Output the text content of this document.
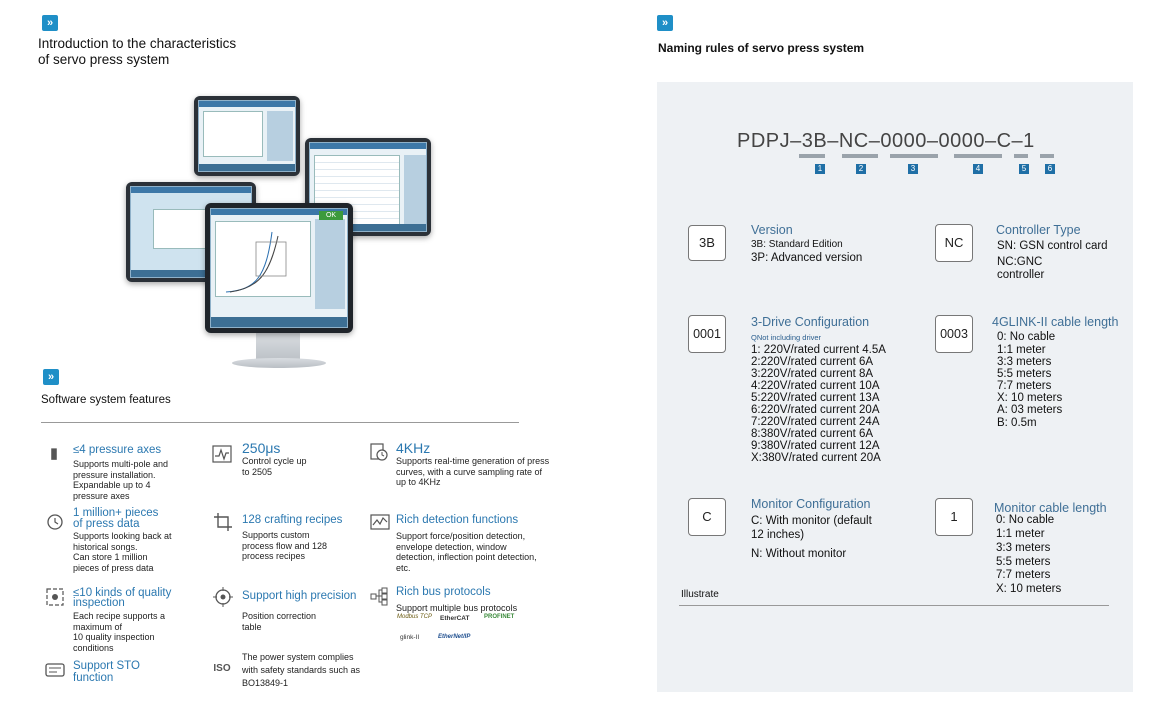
»
Introduction to the characteristics
of servo press system
OK
»
Software system features
▮	≤4 pressure axes
Supports multi-pole and
pressure installation.
Expandable up to 4
pressure axes
250μs
Control cycle up
to 2505
4KHz
Supports real-time generation of press
curves, with a curve sampling rate of
up to 4KHz
1 million+ pieces
of press data
Supports looking back at
historical songs.
Can store 1 million
pieces of press data
128 crafting recipes
Supports custom
process flow and 128
process recipes
Rich detection functions
Support force/position detection,
envelope detection, window
detection, inflection point detection,
etc.
≤10 kinds of quality
inspection
Each recipe supports a
maximum of
10 quality inspection
conditions
Support high precision
Position correction
table
Rich bus protocols
Support multiple bus protocols
Modbus TCP EtherCAT PROFINET
glink-II	EtherNet/IP
Support STO
function
ISO
The power system complies
with safety standards such as
BO13849-1
»
Naming rules of servo press system
PDPJ–3B–NC–0000–0000–C–1
1	2	3	4	5	6
3B
Version
3B: Standard Edition
3P: Advanced version
NC
Controller Type
SN: GSN control card
NC:GNC
controller
0001
3-Drive Configuration
QNot including driver
1: 220V/rated current 4.5A
2:220V/rated current 6A
3:220V/rated current 8A
4:220V/rated current 10A
5:220V/rated current 13A
6:220V/rated current 20A
7:220V/rated current 24A
8:380V/rated current 6A
9:380V/rated current 12A
X:380V/rated current 20A
0003
4GLINK-II cable length
0: No cable
1:1 meter
3:3 meters
5:5 meters
7:7 meters
X: 10 meters
A: 03 meters
B: 0.5m
C
Monitor Configuration
C: With monitor (default
12 inches)
N: Without monitor
1
Monitor cable length
0: No cable
1:1 meter
3:3 meters
5:5 meters
7:7 meters
X: 10 meters
Illustrate
